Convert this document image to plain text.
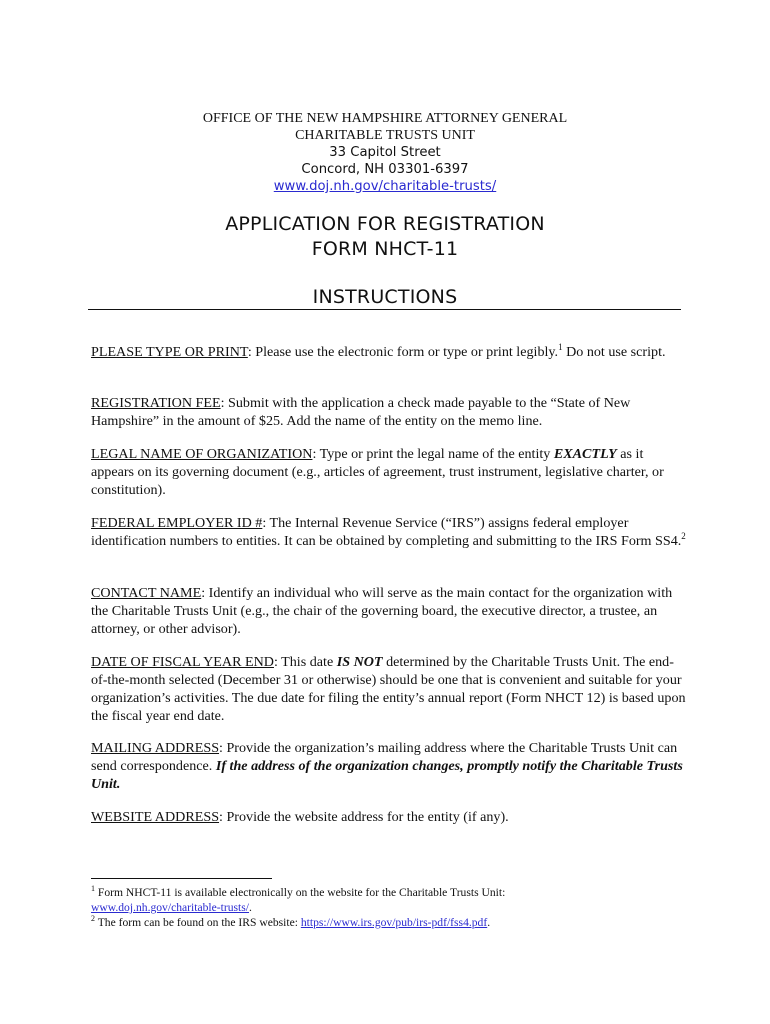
OFFICE OF THE NEW HAMPSHIRE ATTORNEY GENERAL
CHARITABLE TRUSTS UNIT
33 Capitol Street
Concord, NH 03301-6397
www.doj.nh.gov/charitable-trusts/
APPLICATION FOR REGISTRATION
FORM NHCT-11
INSTRUCTIONS
PLEASE TYPE OR PRINT: Please use the electronic form or type or print legibly.$^1$ Do not use script.
REGISTRATION FEE: Submit with the application a check made payable to the “State of New Hampshire” in the amount of $25. Add the name of the entity on the memo line.
LEGAL NAME OF ORGANIZATION: Type or print the legal name of the entity EXACTLY as it appears on its governing document (e.g., articles of agreement, trust instrument, legislative charter, or constitution).
FEDERAL EMPLOYER ID #: The Internal Revenue Service (“IRS”) assigns federal employer identification numbers to entities. It can be obtained by completing and submitting to the IRS Form SS4.$^2$
CONTACT NAME: Identify an individual who will serve as the main contact for the organization with the Charitable Trusts Unit (e.g., the chair of the governing board, the executive director, a trustee, an attorney, or other advisor).
DATE OF FISCAL YEAR END: This date IS NOT determined by the Charitable Trusts Unit. The end-of-the-month selected (December 31 or otherwise) should be one that is convenient and suitable for your organization’s activities. The due date for filing the entity’s annual report (Form NHCT 12) is based upon the fiscal year end date.
MAILING ADDRESS: Provide the organization’s mailing address where the Charitable Trusts Unit can send correspondence. If the address of the organization changes, promptly notify the Charitable Trusts Unit.
WEBSITE ADDRESS: Provide the website address for the entity (if any).
$^1$ Form NHCT-11 is available electronically on the website for the Charitable Trusts Unit:
www.doj.nh.gov/charitable-trusts/.
$^2$ The form can be found on the IRS website: https://www.irs.gov/pub/irs-pdf/fss4.pdf.
